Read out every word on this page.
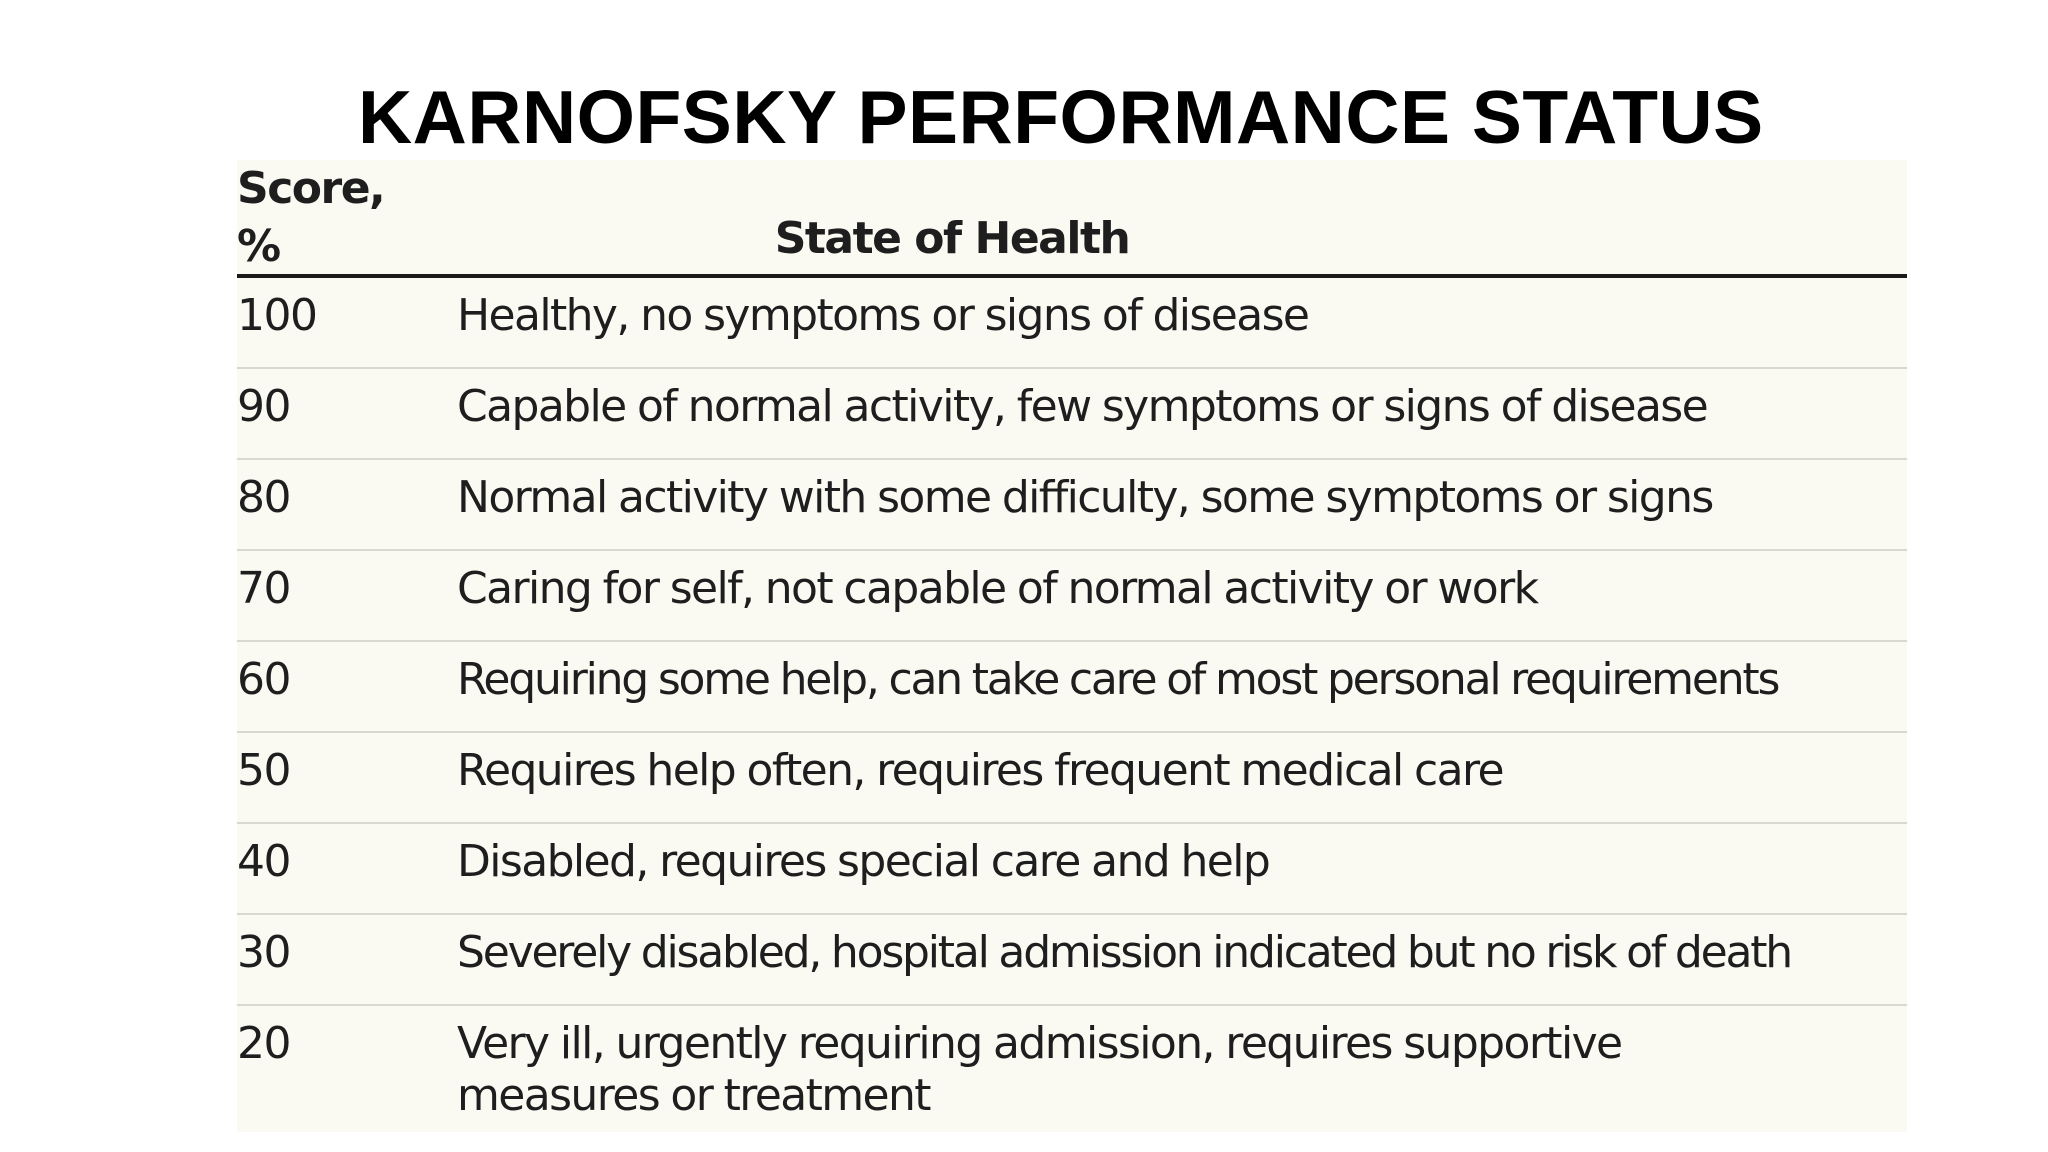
KARNOFSKY PERFORMANCE STATUS
Score,
%	State of Health
100	Healthy, no symptoms or signs of disease
90	Capable of normal activity, few symptoms or signs of disease
80	Normal activity with some difficulty, some symptoms or signs
70	Caring for self, not capable of normal activity or work
60	Requiring some help, can take care of most personal requirements
50	Requires help often, requires frequent medical care
40	Disabled, requires special care and help
30	Severely disabled, hospital admission indicated but no risk of death
20	Very ill, urgently requiring admission, requires supportive measures or treatment
